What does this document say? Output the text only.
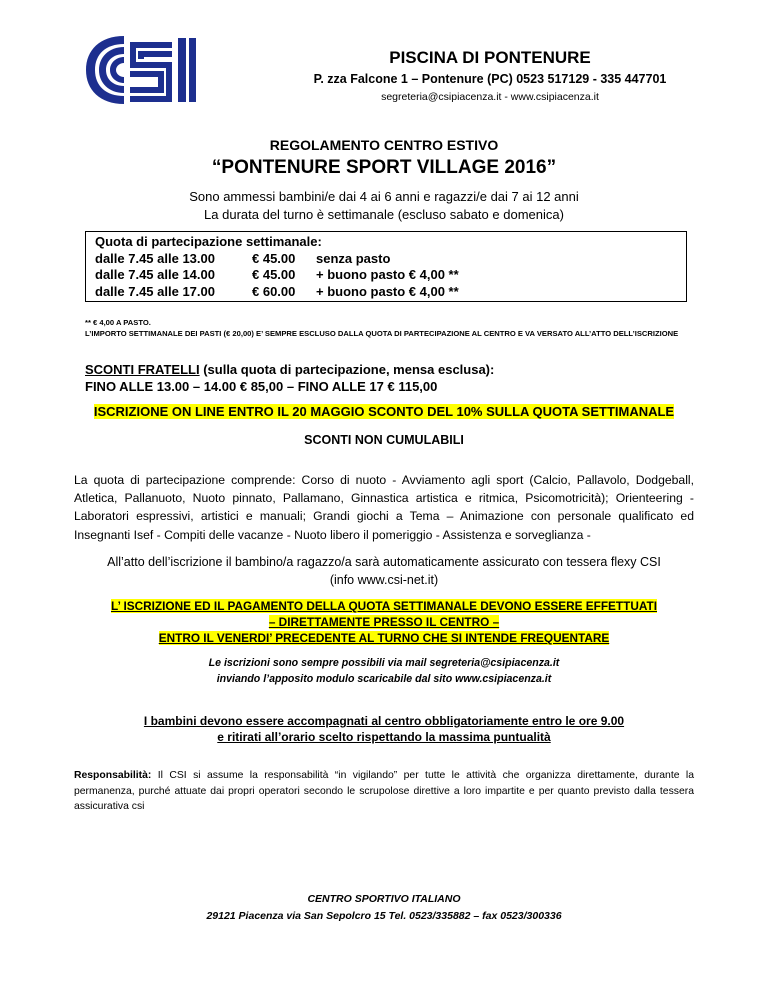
PISCINA DI PONTENURE
P. zza Falcone 1 – Pontenure (PC) 0523 517129 - 335 447701
segreteria@csipiacenza.it - www.csipiacenza.it
REGOLAMENTO CENTRO ESTIVO
“PONTENURE SPORT VILLAGE 2016”
Sono ammessi bambini/e dai 4 ai 6 anni e ragazzi/e dai 7 ai 12 anni
La durata del turno è settimanale (escluso sabato e domenica)
Quota di partecipazione settimanale:
dalle 7.45 alle 13.00	€ 45.00	senza pasto
dalle 7.45 alle 14.00	€ 45.00	+ buono pasto € 4,00 **
dalle 7.45 alle 17.00	€ 60.00	+ buono pasto € 4,00 **
** € 4,00 A PASTO.
L’IMPORTO SETTIMANALE DEI PASTI (€ 20,00) E’ SEMPRE ESCLUSO DALLA QUOTA DI PARTECIPAZIONE AL CENTRO E VA VERSATO ALL’ATTO DELL’ISCRIZIONE
SCONTI FRATELLI (sulla quota di partecipazione, mensa esclusa):
FINO ALLE 13.00 – 14.00 € 85,00 – FINO ALLE 17 € 115,00
ISCRIZIONE ON LINE ENTRO IL 20 MAGGIO SCONTO DEL 10% SULLA QUOTA SETTIMANALE
SCONTI NON CUMULABILI
La quota di partecipazione comprende: Corso di nuoto - Avviamento agli sport (Calcio, Pallavolo, Dodgeball, Atletica, Pallanuoto, Nuoto pinnato, Pallamano, Ginnastica artistica e ritmica, Psicomotricità); Orienteering - Laboratori espressivi, artistici e manuali; Grandi giochi a Tema – Animazione con personale qualificato ed Insegnanti Isef - Compiti delle vacanze - Nuoto libero il pomeriggio - Assistenza e sorveglianza -
All’atto dell’iscrizione il bambino/a ragazzo/a sarà automaticamente assicurato con tessera flexy CSI
(info www.csi-net.it)
L’ ISCRIZIONE ED IL PAGAMENTO DELLA QUOTA SETTIMANALE DEVONO ESSERE EFFETTUATI
– DIRETTAMENTE PRESSO IL CENTRO –
ENTRO IL VENERDI’ PRECEDENTE AL TURNO CHE SI INTENDE FREQUENTARE
Le iscrizioni sono sempre possibili via mail segreteria@csipiacenza.it
inviando l’apposito modulo scaricabile dal sito www.csipiacenza.it
I bambini devono essere accompagnati al centro obbligatoriamente entro le ore 9.00
e ritirati all’orario scelto rispettando la massima puntualità
Responsabilità: Il CSI si assume la responsabilità “in vigilando” per tutte le attività che organizza direttamente, durante la permanenza, purché attuate dai propri operatori secondo le scrupolose direttive a loro impartite e per quanto previsto dalla tessera assicurativa csi
CENTRO SPORTIVO ITALIANO
29121 Piacenza via San Sepolcro 15 Tel. 0523/335882 – fax 0523/300336
